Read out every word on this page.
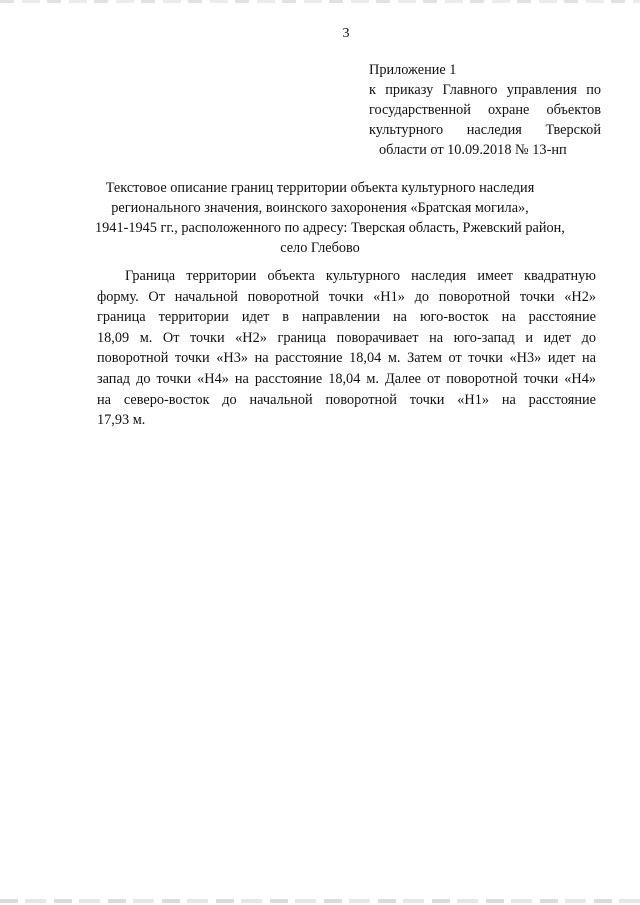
3
Приложение 1
к приказу Главного управления по
государственной охране объектов
культурного наследия Тверской
области от 10.09.2018 № 13-нп
Текстовое описание границ территории объекта культурного наследия
регионального значения, воинского захоронения «Братская могила»,
1941-1945 гг., расположенного по адресу: Тверская область, Ржевский район,
село Глебово
Граница территории объекта культурного наследия имеет квадратную
форму. От начальной поворотной точки «Н1» до поворотной точки «Н2»
граница территории идет в направлении на юго-восток на расстояние
18,09 м. От точки «Н2» граница поворачивает на юго-запад и идет до
поворотной точки «Н3» на расстояние 18,04 м. Затем от точки «Н3» идет на
запад до точки «Н4» на расстояние 18,04 м. Далее от поворотной точки «Н4»
на северо-восток до начальной поворотной точки «Н1» на расстояние
17,93 м.
